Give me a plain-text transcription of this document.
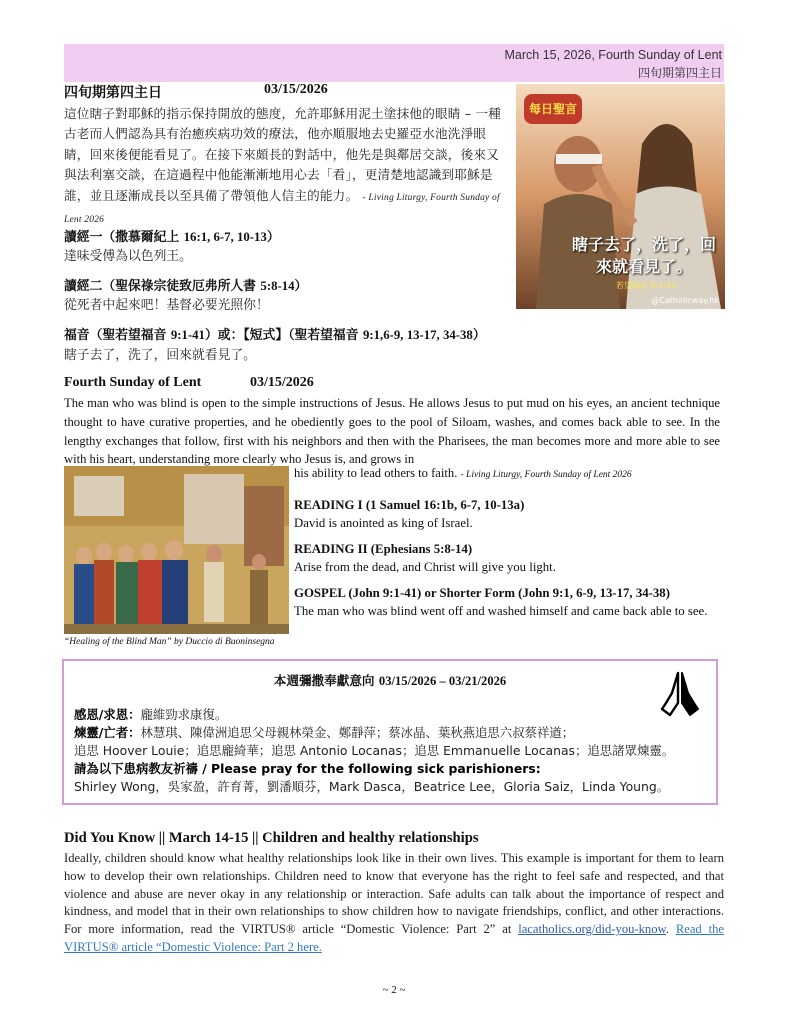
March 15, 2026, Fourth Sunday of Lent
四旬期第四主日
四旬期第四主日	03/15/2026
這位瞎子對耶穌的指示保持開放的態度，允許耶穌用泥土塗抹他的眼睛 – 一種古老而人們認為具有治癒疾病功效的療法，他亦順服地去史羅亞水池洗淨眼睛，回來後便能看見了。在接下來頗長的對話中，他先是與鄰居交談，後來又與法利塞交談，在這過程中他能漸漸地用心去「看」，更清楚地認識到耶穌是誰，並且逐漸成長以至具備了帶領他人信主的能力。 - Living Liturgy, Fourth Sunday of Lent 2026
讀經一（撒慕爾紀上 16:1, 6-7, 10-13）
達味受傅為以色列王。
讀經二（聖保祿宗徒致厄弗所人書 5:8-14）
從死者中起來吧！基督必要光照你！
福音（聖若望福音 9:1-41）或：【短式】（聖若望福音 9:1,6-9, 13-17, 34-38）
瞎子去了，洗了，回來就看見了。
每日聖言
瞎子去了，洗了，回來就看見了。
若望福音 9:1-41
@Catholicway.hk
Fourth Sunday of Lent	03/15/2026
The man who was blind is open to the simple instructions of Jesus. He allows Jesus to put mud on his eyes, an ancient technique thought to have curative properties, and he obediently goes to the pool of Siloam, washes, and comes back able to see. In the lengthy exchanges that follow, first with his neighbors and then with the Pharisees, the man becomes more and more able to see with his heart, understanding more clearly who Jesus is, and grows in
his ability to lead others to faith. - Living Liturgy, Fourth Sunday of Lent 2026
READING I (1 Samuel 16:1b, 6-7, 10-13a)
David is anointed as king of Israel.
READING II (Ephesians 5:8-14)
Arise from the dead, and Christ will give you light.
GOSPEL (John 9:1-41) or Shorter Form (John 9:1, 6-9, 13-17, 34-38)
The man who was blind went off and washed himself and came back able to see.
“Healing of the Blind Man” by Duccio di Buoninsegna
本週彌撒奉獻意向 03/15/2026 – 03/21/2026
感恩/求恩：龐維勁求康復。
煉靈/亡者：林慧琪、陳偉洲追思父母親林榮金、鄭靜萍；蔡冰晶、葉秋燕追思六叔蔡祥遒；
追思 Hoover Louie；追思龐綺華；追思 Antonio Locanas；追思 Emmanuelle Locanas；追思諸眾煉靈。
請為以下患病教友祈禱 / Please pray for the following sick parishioners:
Shirley Wong，吳家盈，許育菁，劉潘順芬，Mark Dasca，Beatrice Lee，Gloria Saiz，Linda Young。
Did You Know || March 14-15 || Children and healthy relationships
Ideally, children should know what healthy relationships look like in their own lives. This example is important for them to learn how to develop their own relationships. Children need to know that everyone has the right to feel safe and respected, and that violence and abuse are never okay in any relationship or interaction. Safe adults can talk about the importance of respect and kindness, and model that in their own relationships to show children how to navigate friendships, conflict, and other interactions. For more information, read the VIRTUS® article “Domestic Violence: Part 2” at lacatholics.org/did-you-know. Read the VIRTUS® article “Domestic Violence: Part 2 here.
~ 2 ~
